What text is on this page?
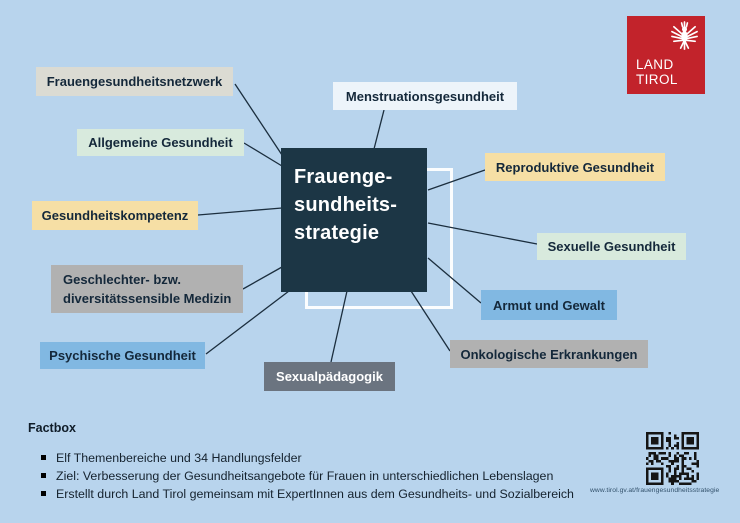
Frauenge-
sundheits-
strategie
Frauengesundheitsnetzwerk
Menstruationsgesundheit
Allgemeine Gesundheit
Gesundheitskompetenz
Reproduktive Gesundheit
Sexuelle Gesundheit
Geschlechter- bzw.
diversitätssensible Medizin
Psychische Gesundheit
Armut und Gewalt
Onkologische Erkrankungen
Sexualpädagogik
LAND
TIROL
Factbox
Elf Themenbereiche und 34 Handlungsfelder
Ziel: Verbesserung der Gesundheitsangebote für Frauen in unterschiedlichen Lebenslagen
Erstellt durch Land Tirol gemeinsam mit ExpertInnen aus dem Gesundheits- und Sozialbereich www.tirol.gv.at/frauengesundheitsstrategie
